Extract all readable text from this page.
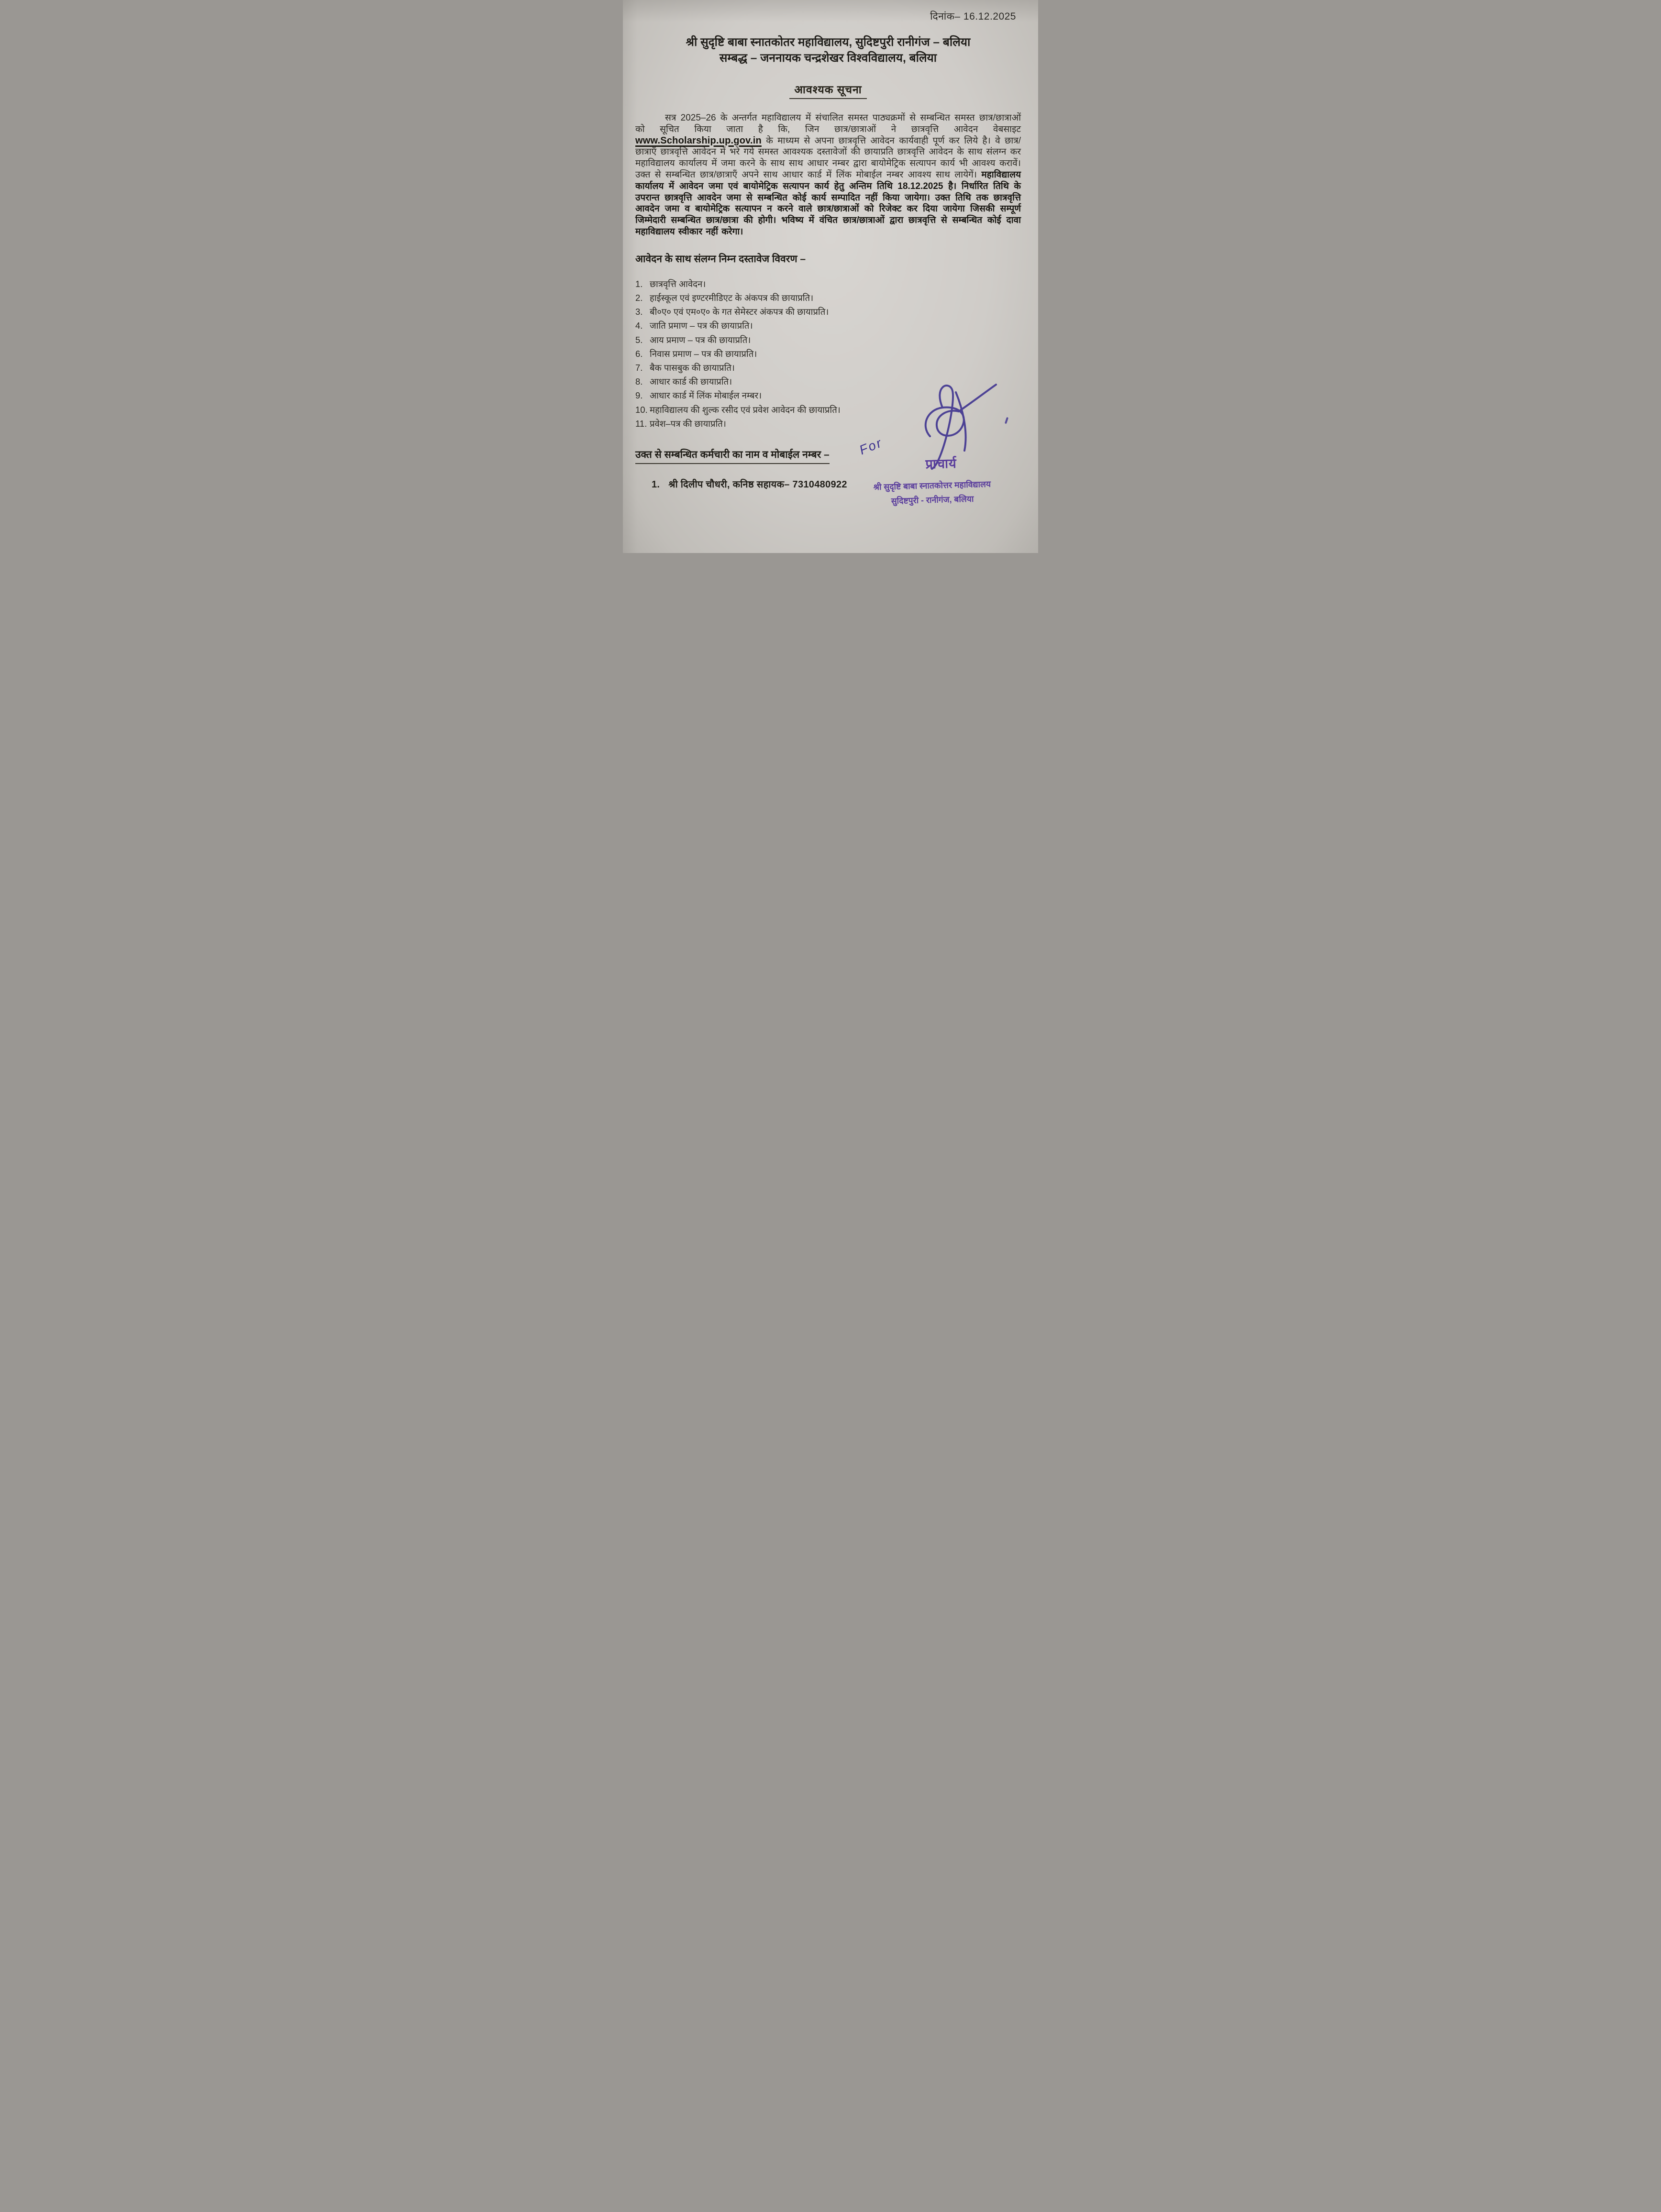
दिनांक– 16.12.2025
श्री सुदृष्टि बाबा स्नातकोतर महाविद्यालय, सुदिष्टपुरी रानीगंज – बलिया
सम्बद्ध – जननायक चन्द्रशेखर विश्वविद्यालय, बलिया
आवश्यक सूचना

सत्र 2025–26 के अन्तर्गत महाविद्यालय में संचालित समस्त पाठ्यक्रमों से सम्बन्धित समस्त छात्र/छात्राओं को सूचित किया जाता है कि, जिन छात्र/छात्राओं ने छात्रवृत्ति आवेदन वेबसाइट www.Scholarship.up.gov.in के माध्यम से अपना छात्रवृत्ति आवेदन कार्यवाही पूर्ण कर लिये है। वे छात्र/छात्राएँ छात्रवृत्ति आवेदन में भरे गये समस्त आवश्यक दस्तावेजों की छायाप्रति छात्रवृत्ति आवेदन के साथ संलग्न कर महाविद्यालय कार्यालय में जमा करने के साथ साथ आधार नम्बर द्वारा बायोमेट्रिक सत्यापन कार्य भी आवश्य करावें। उक्त से सम्बन्धित छात्र/छात्राएँ अपने साथ आधार कार्ड में लिंक मोबाईल नम्बर आवश्य साथ लायेगें। महाविद्यालय कार्यालय में आवेदन जमा एवं बायोमेट्रिक सत्यापन कार्य हेतु अन्तिम तिथि 18.12.2025 है। निर्धारित तिथि के उपरान्त छात्रवृत्ति आवदेन जमा से सम्बन्धित कोई कार्य सम्पादित नहीं किया जायेगा। उक्त तिथि तक छात्रवृत्ति आवदेन जमा व बायोमेट्रिक सत्यापन न करने वाले छात्र/छात्राओं को रिजेक्ट कर दिया जायेगा जिसकी सम्पूर्ण जिम्मेदारी सम्बन्धित छात्र/छात्रा की होगी। भविष्य में वंचित छात्र/छात्राओं द्वारा छात्रवृत्ति से सम्बन्धित कोई दावा महाविद्यालय स्वीकार नहीं करेगा।

आवेदन के साथ संलग्न निम्न दस्तावेज विवरण –
1. छात्रवृत्ति आवेदन।
2. हाईस्कूल एवं इण्टरमीडिएट के अंकपत्र की छायाप्रति।
3. बी०ए० एवं एम०ए० के गत सेमेस्टर अंकपत्र की छायाप्रति।
4. जाति प्रमाण – पत्र की छायाप्रति।
5. आय प्रमाण – पत्र की छायाप्रति।
6. निवास प्रमाण – पत्र की छायाप्रति।
7. बैक पासबुक की छायाप्रति।
8. आधार कार्ड की छायाप्रति।
9. आधार कार्ड में लिंक मोबाईल नम्बर।
10. महाविद्यालय की शुल्क रसीद एवं प्रवेश आवेदन की छायाप्रति।
11. प्रवेश–पत्र की छायाप्रति।
उक्त से सम्बन्धित कर्मचारी का नाम व मोबाईल नम्बर –
1. श्री दिलीप चौधरी, कनिष्ठ सहायक– 7310480922
For
प्राचार्य
श्री सुदृष्टि बाबा स्नातकोत्तर महाविद्यालय
सुदिष्टपुरी - रानीगंज, बलिया
